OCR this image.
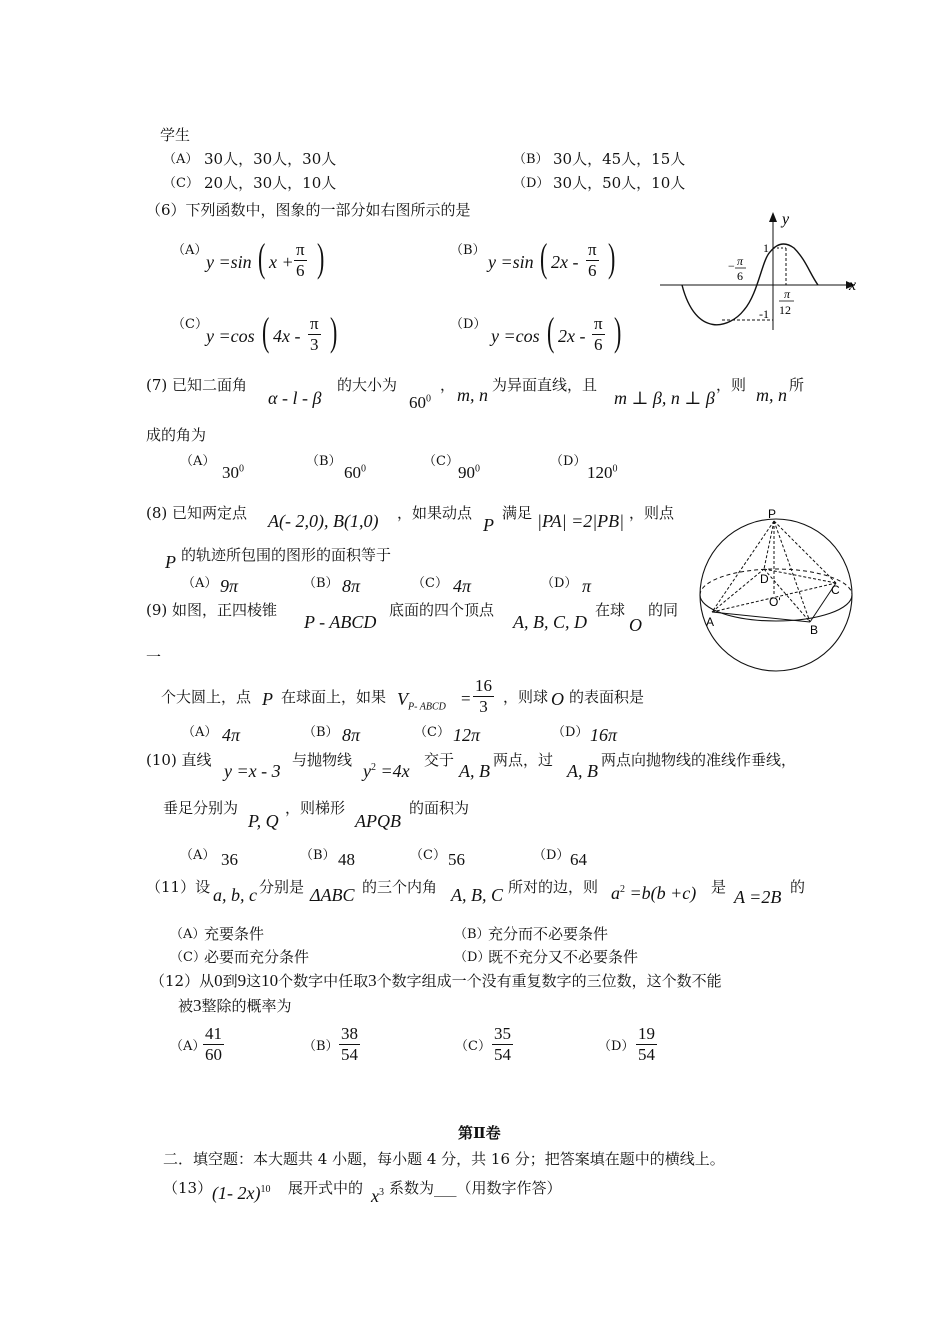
学生
（A） 30人，30人，30人	（B） 30人，45人，15人
（C） 20人，30人，10人	（D） 30人，50人，10人
（6）下列函数中，图象的一部分如右图所示的是
（A）
y =sin ( $x + \frac{\pi}{6}$ )	（B）
y =sin ( $2x - \frac{\pi}{6}$ )
（C）
y =cos ( $4x - \frac{\pi}{3}$ )	（D）
y =cos ( $2x - \frac{\pi}{6}$ )
y
x
1
-1
− π
6
π
12
(7) 已知二面角
α - l - β
的大小为
$60^0$
， m, n 为异面直线，且
m ⊥ β, n ⊥ β
，则 m, n 所
成的角为
（A）
$30^0$	（B）
$60^0$	（C）
$90^0$	（D）
$120^0$
(8) 已知两定点 A(- 2,0), B(1,0) ，如果动点
P
满足 |PA| =2|PB| ，则点
P 的轨迹所包围的图形的面积等于
（A） 9π	（B） 8π	（C） 4π	（D） π
(9) 如图，正四棱锥
P - ABCD
底面的四个顶点
A, B, C, D
在球
O
的同
一
个大圆上，点 P 在球面上，如果 $V_{P- ABCD} = \frac{16}{3}$ ，则球 O 的表面积是
（A） 4π	（B） 8π	（C） 12π	（D） 16π
P
D
C
A
B
O'
(10) 直线
y =x - 3
与抛物线
$y^2 =4x$
交于
A, B
两点，过
A, B
两点向抛物线的准线作垂线，
垂足分别为
P, Q
，则梯形
APQB
的面积为
（A） 36	（B） 48	（C） 56	（D） 64
（11）设 a, b, c 分别是 ΔABC 的三个内角 A, B, C 所对的边，则 $a^2 =b(b +c)$ 是 A =2B 的
（A）
充要条件	（B）
充分而不必要条件
（C）
必要而充分条件	（D）
既不充分又不必要条件
（12）从0到9这10个数字中任取3个数字组成一个没有重复数字的三位数，这个数不能
被3整除的概率为
（A）
$\frac{41}{60}$	$(B) \frac{38}{54}$	$(C) \frac{35}{54}$	$(D) \frac{19}{54}$
第Ⅱ卷
二．填空题：本大题共 4 小题，每小题 4 分，共 16 分；把答案填在题中的横线上。
（13） (1- 2x)$^{10}$ 展开式中的 $x^3$ 系数为___（用数字作答）
